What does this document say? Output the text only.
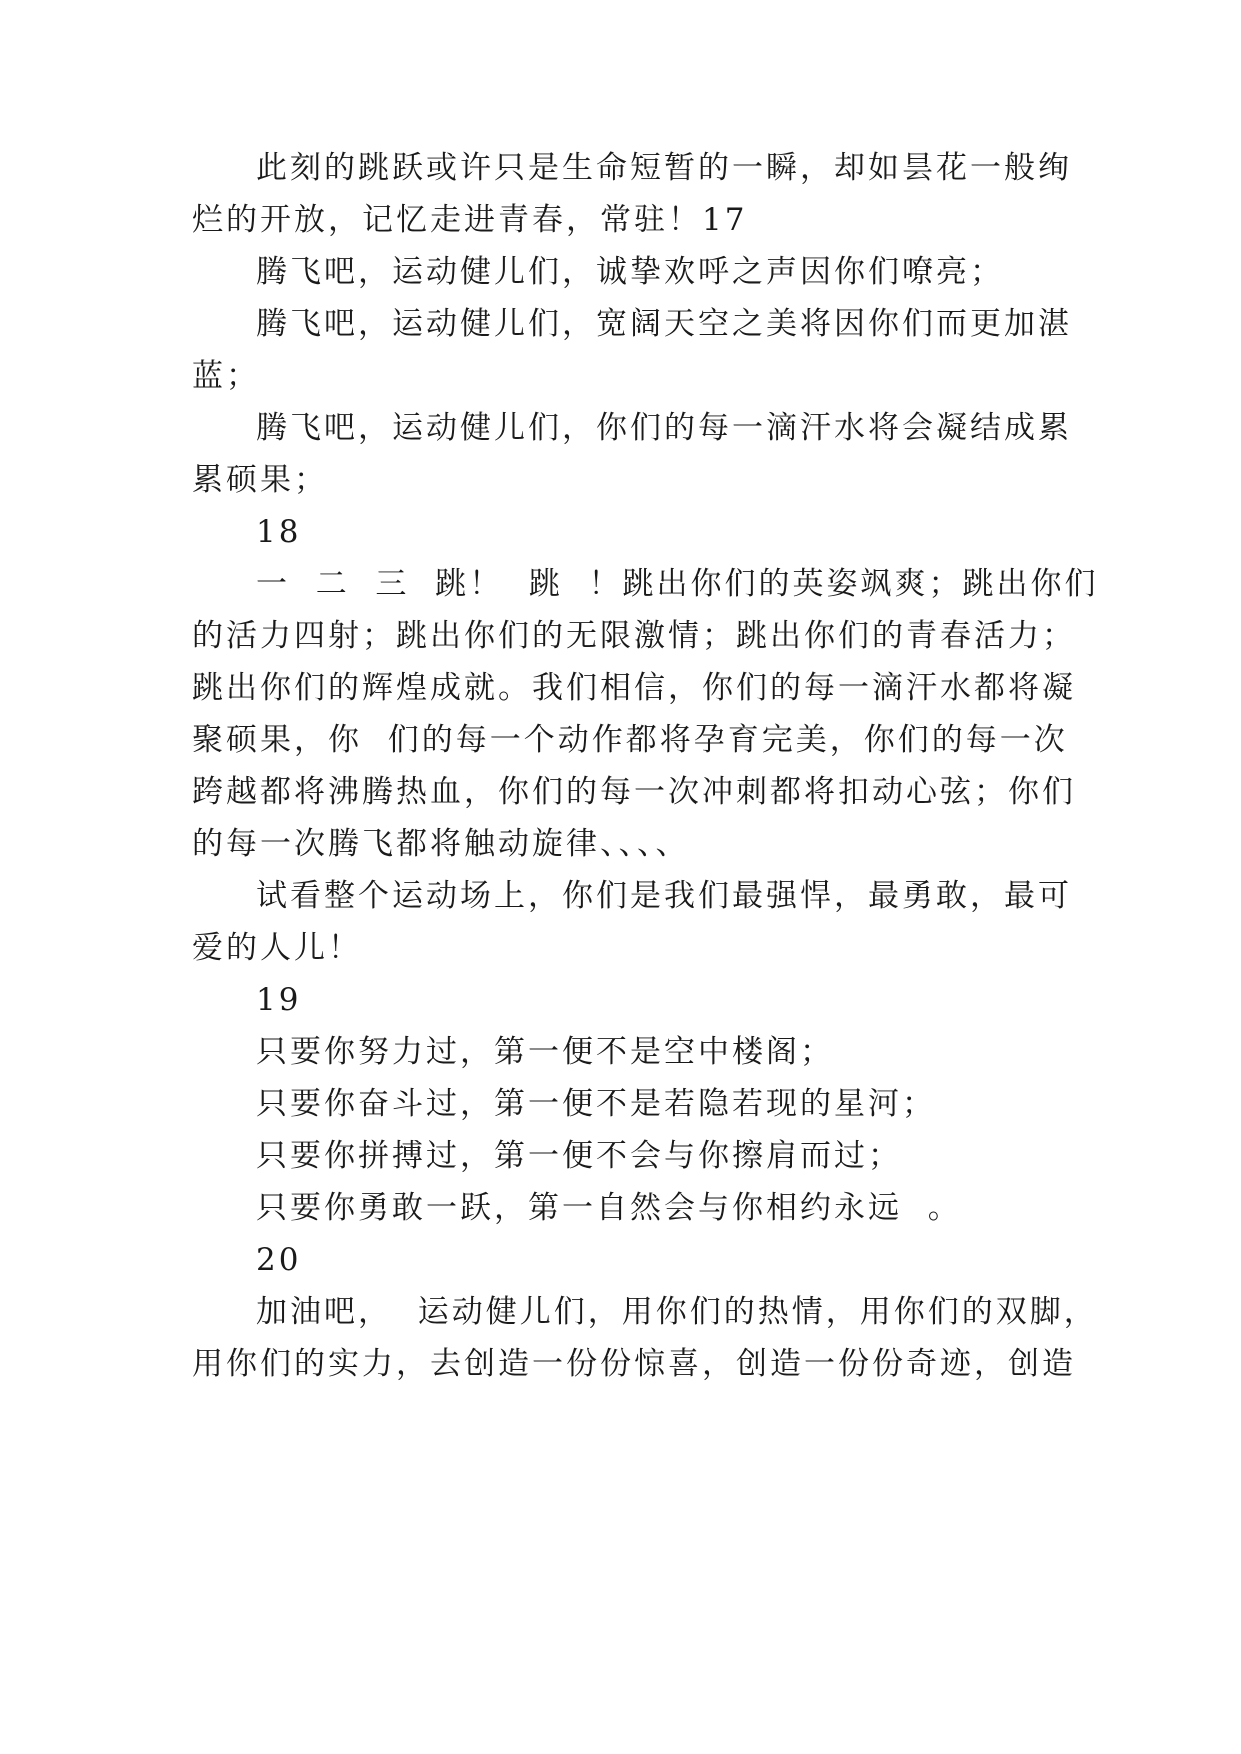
此刻的跳跃或许只是生命短暂的一瞬，却如昙花一般绚
烂的开放，记忆走进青春，常驻！17
腾飞吧，运动健儿们，诚挚欢呼之声因你们嘹亮；
腾飞吧，运动健儿们，宽阔天空之美将因你们而更加湛
蓝；
腾飞吧，运动健儿们，你们的每一滴汗水将会凝结成累
累硕果；
18
一  二  三  跳！  跳  ！跳出你们的英姿飒爽；跳出你们
的活力四射；跳出你们的无限激情；跳出你们的青春活力；
跳出你们的辉煌成就。我们相信，你们的每一滴汗水都将凝
聚硕果，你  们的每一个动作都将孕育完美，你们的每一次
跨越都将沸腾热血，你们的每一次冲刺都将扣动心弦；你们
的每一次腾飞都将触动旋律、、、、
试看整个运动场上，你们是我们最强悍，最勇敢，最可
爱的人儿！
19
只要你努力过，第一便不是空中楼阁；
只要你奋斗过，第一便不是若隐若现的星河；
只要你拼搏过，第一便不会与你擦肩而过；
只要你勇敢一跃，第一自然会与你相约永远  。
20
加油吧，  运动健儿们，用你们的热情，用你们的双脚，
用你们的实力，去创造一份份惊喜，创造一份份奇迹，创造
